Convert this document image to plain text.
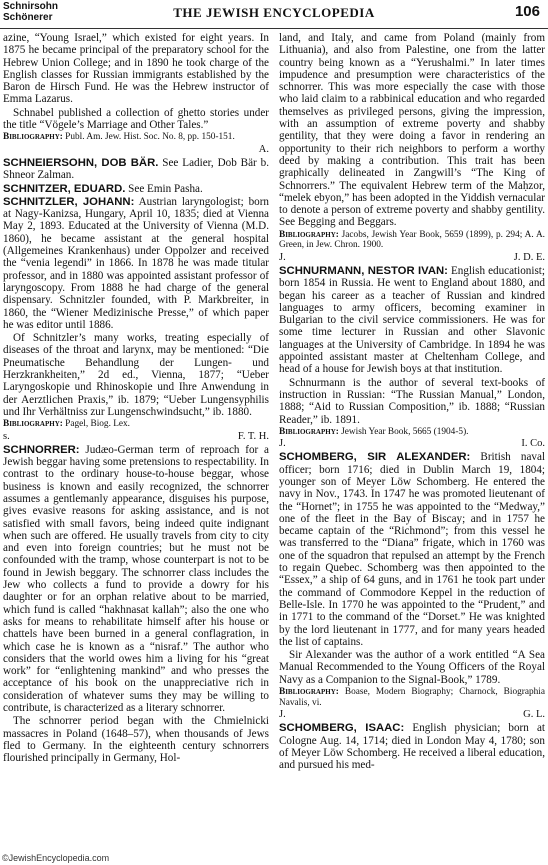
Schnirsohn
Schönerer	THE JEWISH ENCYCLOPEDIA	106

azine, “Young Israel,” which existed for eight years. In 1875 he became principal of the preparatory school for the Hebrew Union College; and in 1890 he took charge of the English classes for Russian immigrants established by the Baron de Hirsch Fund. He was the Hebrew instructor of Emma Lazarus.

Schnabel published a collection of ghetto stories under the title “Vögele’s Marriage and Other Tales.”

Bibliography: Publ. Am. Jew. Hist. Soc. No. 8, pp. 150-151.

A.

SCHNEIERSOHN, DOB BÄR. See Ladier, Dob Bär b. Shneor Zalman.

SCHNITZER, EDUARD. See Emin Pasha.

SCHNITZLER, JOHANN: Austrian laryngologist; born at Nagy-Kanizsa, Hungary, April 10, 1835; died at Vienna May 2, 1893. Educated at the University of Vienna (M.D. 1860), he became assistant at the general hospital (Allgemeines Krankenhaus) under Oppolzer and received the “venia legendi” in 1866. In 1878 he was made titular professor, and in 1880 was appointed assistant professor of laryngoscopy. From 1888 he had charge of the general dispensary. Schnitzler founded, with P. Markbreiter, in 1860, the “Wiener Medizinische Presse,” of which paper he was editor until 1886.

Of Schnitzler’s many works, treating especially of diseases of the throat and larynx, may be mentioned: “Die Pneumatische Behandlung der Lungen- und Herzkrankheiten,” 2d ed., Vienna, 1877; “Ueber Laryngoskopie und Rhinoskopie und Ihre Anwendung in der Aerztlichen Praxis,” ib. 1879; “Ueber Lungensyphilis und Ihr Verhältniss zur Lungenschwindsucht,” ib. 1880.

Bibliography: Pagel, Biog. Lex.

s.	F. T. H.

SCHNORRER: Judæo-German term of reproach for a Jewish beggar having some pretensions to respectability. In contrast to the ordinary house-to-house beggar, whose business is known and easily recognized, the schnorrer assumes a gentlemanly appearance, disguises his purpose, gives evasive reasons for asking assistance, and is not satisfied with small favors, being indeed quite indignant when such are offered. He usually travels from city to city and even into foreign countries; but he must not be confounded with the tramp, whose counterpart is not to be found in Jewish beggary. The schnorrer class includes the Jew who collects a fund to provide a dowry for his daughter or for an orphan relative about to be married, which fund is called “hakhnasat kallah”; also the one who asks for means to rehabilitate himself after his house or chattels have been burned in a general conflagration, in which case he is known as a “nisraf.” The author who considers that the world owes him a living for his “great work” for “enlightening mankind” and who presses the acceptance of his book on the unappreciative rich in consideration of whatever sums they may be willing to contribute, is characterized as a literary schnorrer.

The schnorrer period began with the Chmielnicki massacres in Poland (1648–57), when thousands of Jews fled to Germany. In the eighteenth century schnorrers flourished principally in Germany, Hol-

land, and Italy, and came from Poland (mainly from Lithuania), and also from Palestine, one from the latter country being known as a “Yerushalmi.” In later times impudence and presumption were characteristics of the schnorrer. This was more especially the case with those who laid claim to a rabbinical education and who regarded themselves as privileged persons, giving the impression, with an assumption of extreme poverty and shabby gentility, that they were doing a favor in rendering an opportunity to their rich neighbors to perform a worthy deed by making a contribution. This trait has been graphically delineated in Zangwill’s “The King of Schnorrers.” The equivalent Hebrew term of the Maḥzor, “melek ebyon,” has been adopted in the Yiddish vernacular to denote a person of extreme poverty and shabby gentility. See Begging and Beggars.

Bibliography: Jacobs, Jewish Year Book, 5659 (1899), p. 294; A. A. Green, in Jew. Chron. 1900.

J.	J. D. E.

SCHNURMANN, NESTOR IVAN: English educationist; born 1854 in Russia. He went to England about 1880, and began his career as a teacher of Russian and kindred languages to army officers, becoming examiner in Bulgarian to the civil service commissioners. He was for some time lecturer in Russian and other Slavonic languages at the University of Cambridge. In 1894 he was appointed assistant master at Cheltenham College, and head of a house for Jewish boys at that institution.

Schnurmann is the author of several text-books of instruction in Russian: “The Russian Manual,” London, 1888; “Aid to Russian Composition,” ib. 1888; “Russian Reader,” ib. 1891.

Bibliography: Jewish Year Book, 5665 (1904-5).

J.	I. Co.

SCHOMBERG, SIR ALEXANDER: British naval officer; born 1716; died in Dublin March 19, 1804; younger son of Meyer Löw Schomberg. He entered the navy in Nov., 1743. In 1747 he was promoted lieutenant of the “Hornet”; in 1755 he was appointed to the “Medway,” one of the fleet in the Bay of Biscay; and in 1757 he became captain of the “Richmond”; from this vessel he was transferred to the “Diana” frigate, which in 1760 was one of the squadron that repulsed an attempt by the French to regain Quebec. Schomberg was then appointed to the “Essex,” a ship of 64 guns, and in 1761 he took part under the command of Commodore Keppel in the reduction of Belle-Isle. In 1770 he was appointed to the “Prudent,” and in 1771 to the command of the “Dorset.” He was knighted by the lord lieutenant in 1777, and for many years headed the list of captains.

Sir Alexander was the author of a work entitled “A Sea Manual Recommended to the Young Officers of the Royal Navy as a Companion to the Signal-Book,” 1789.

Bibliography: Boase, Modern Biography; Charnock, Biographia Navalis, vi.

J.	G. L.

SCHOMBERG, ISAAC: English physician; born at Cologne Aug. 14, 1714; died in London May 4, 1780; son of Meyer Löw Schomberg. He received a liberal education, and pursued his med-

©JewishEncyclopedia.com
